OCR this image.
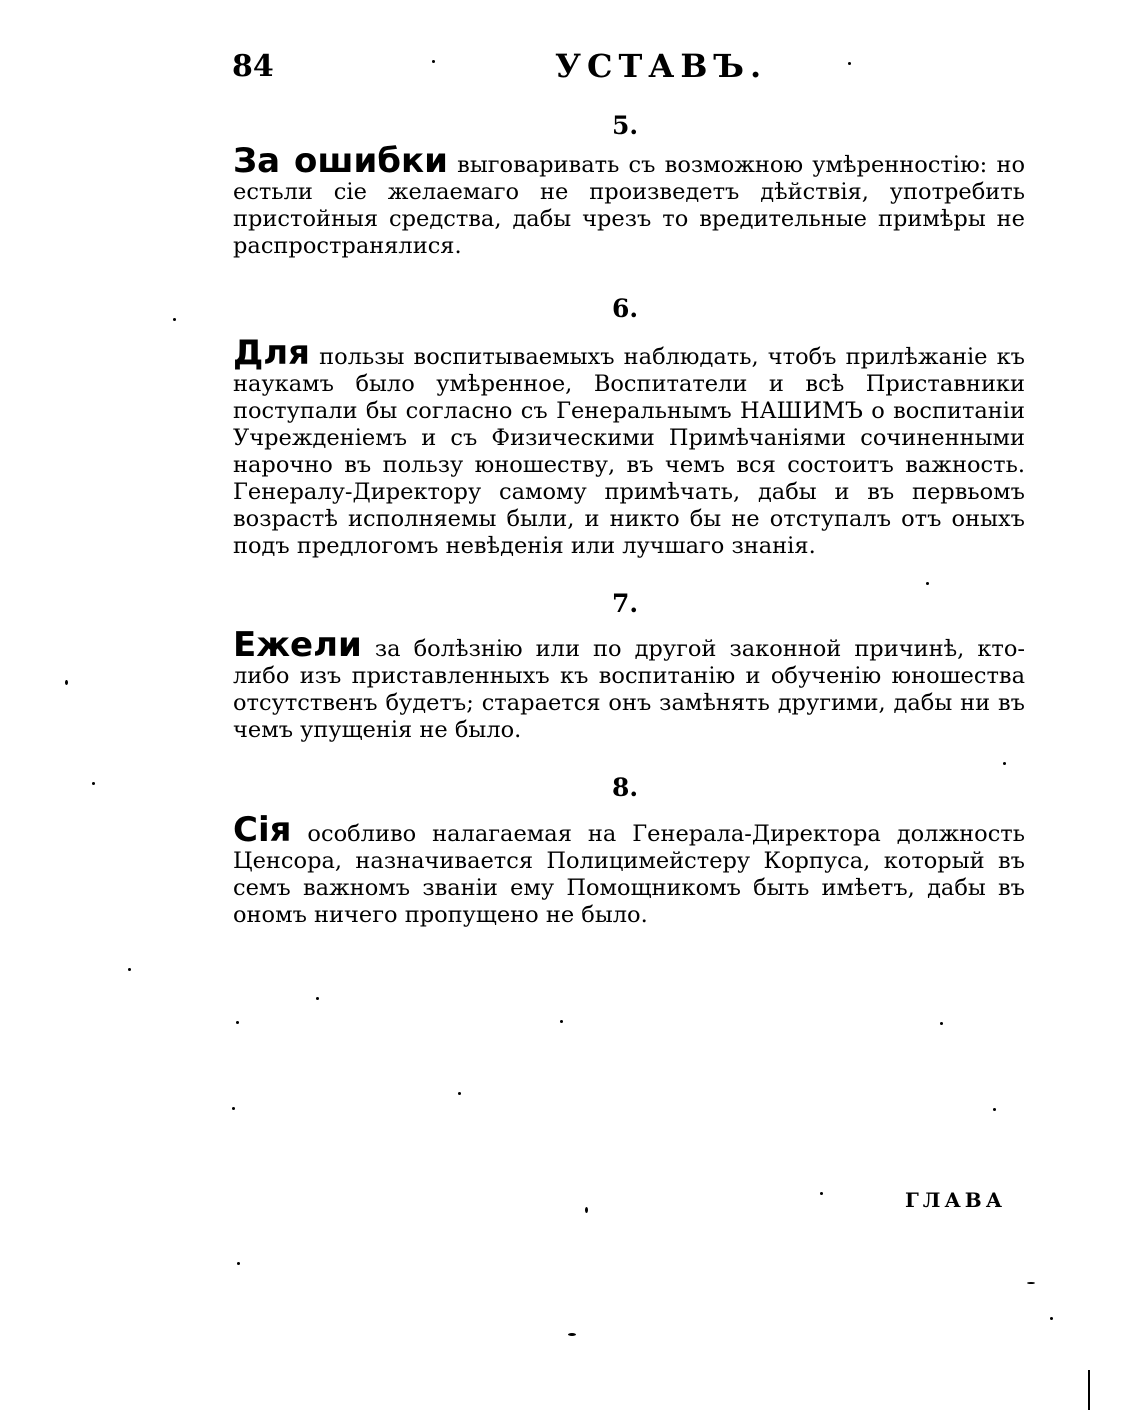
84	УСТАВЪ.
5.

За ошибки выговаривать съ возможною умѣренностію: но естьли сіе желаемаго не произведетъ дѣйствія, употребить пристойныя средства, дабы чрезъ то вредительные примѣры не распространялися.

6.

Для пользы воспитываемыхъ наблюдать, чтобъ прилѣжаніе къ наукамъ было умѣренное, Воспитатели и всѣ Приставники поступали бы согласно съ Генеральнымъ НАШИМЪ о воспитаніи Учрежденіемъ и съ Физическими Примѣчаніями сочиненными нарочно въ пользу юношеству, въ чемъ вся состоитъ важность. Генералу-Директору самому примѣчать, дабы и въ первьомъ возрастѣ исполняемы были, и никто бы не отступалъ отъ оныхъ подъ предлогомъ невѣденія или лучшаго знанія.

7.

Ежели за болѣзнію или по другой законной причинѣ, кто-либо изъ приставленныхъ къ воспитанію и обученію юношества отсутственъ будетъ; старается онъ замѣнять другими, дабы ни въ чемъ упущенія не было.

8.

Сія особливо налагаемая на Генерала-Директора должность Ценсора, назначивается Полицимейстеру Корпуса, который въ семъ важномъ званіи ему Помощникомъ быть имѣетъ, дабы въ ономъ ничего пропущено не было.

ГЛАВА
